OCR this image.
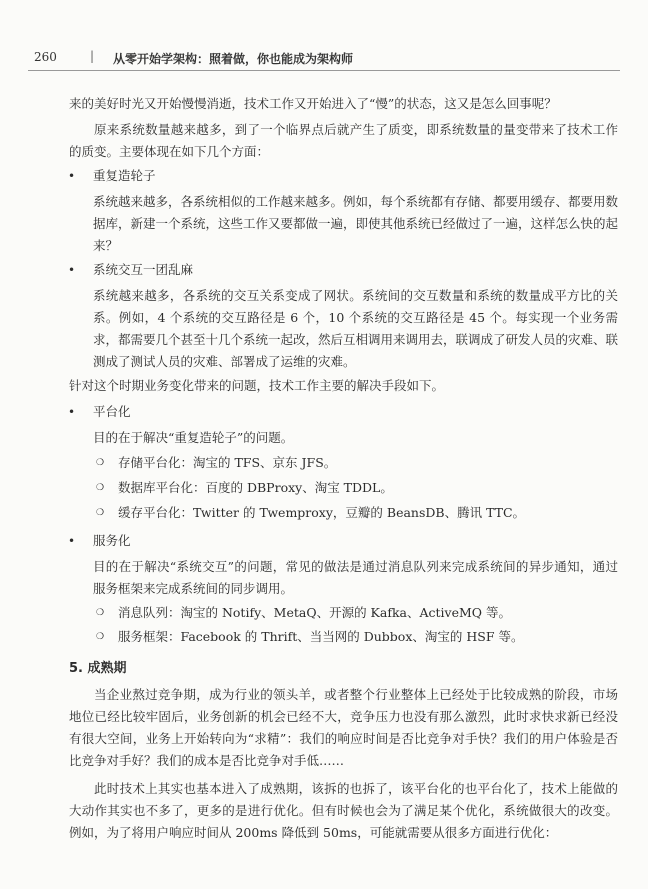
260	| 从零开始学架构：照着做，你也能成为架构师

来的美好时光又开始慢慢消逝，技术工作又开始进入了“慢”的状态，这又是怎么回事呢？

原来系统数量越来越多，到了一个临界点后就产生了质变，即系统数量的量变带来了技术工作的质变。主要体现在如下几个方面：

• 重复造轮子

系统越来越多，各系统相似的工作越来越多。例如，每个系统都有存储、都要用缓存、都要用数据库，新建一个系统，这些工作又要都做一遍，即使其他系统已经做过了一遍，这样怎么快的起来？

• 系统交互一团乱麻

系统越来越多，各系统的交互关系变成了网状。系统间的交互数量和系统的数量成平方比的关系。例如，4 个系统的交互路径是 6 个，10 个系统的交互路径是 45 个。每实现一个业务需求，都需要几个甚至十几个系统一起改，然后互相调用来调用去，联调成了研发人员的灾难、联测成了测试人员的灾难、部署成了运维的灾难。

针对这个时期业务变化带来的问题，技术工作主要的解决手段如下。

• 平台化

目的在于解决“重复造轮子”的问题。

❍ 存储平台化：淘宝的 TFS、京东 JFS。
❍ 数据库平台化：百度的 DBProxy、淘宝 TDDL。
❍ 缓存平台化：Twitter 的 Twemproxy，豆瓣的 BeansDB、腾讯 TTC。
• 服务化

目的在于解决“系统交互”的问题，常见的做法是通过消息队列来完成系统间的异步通知，通过服务框架来完成系统间的同步调用。

❍ 消息队列：淘宝的 Notify、MetaQ、开源的 Kafka、ActiveMQ 等。
❍ 服务框架：Facebook 的 Thrift、当当网的 Dubbox、淘宝的 HSF 等。
5. 成熟期

当企业熬过竞争期，成为行业的领头羊，或者整个行业整体上已经处于比较成熟的阶段，市场地位已经比较牢固后，业务创新的机会已经不大，竞争压力也没有那么激烈，此时求快求新已经没有很大空间，业务上开始转向为“求精”：我们的响应时间是否比竞争对手快？我们的用户体验是否比竞争对手好？我们的成本是否比竞争对手低……

此时技术上其实也基本进入了成熟期，该拆的也拆了，该平台化的也平台化了，技术上能做的大动作其实也不多了，更多的是进行优化。但有时候也会为了满足某个优化，系统做很大的改变。例如，为了将用户响应时间从 200ms 降低到 50ms，可能就需要从很多方面进行优化：
